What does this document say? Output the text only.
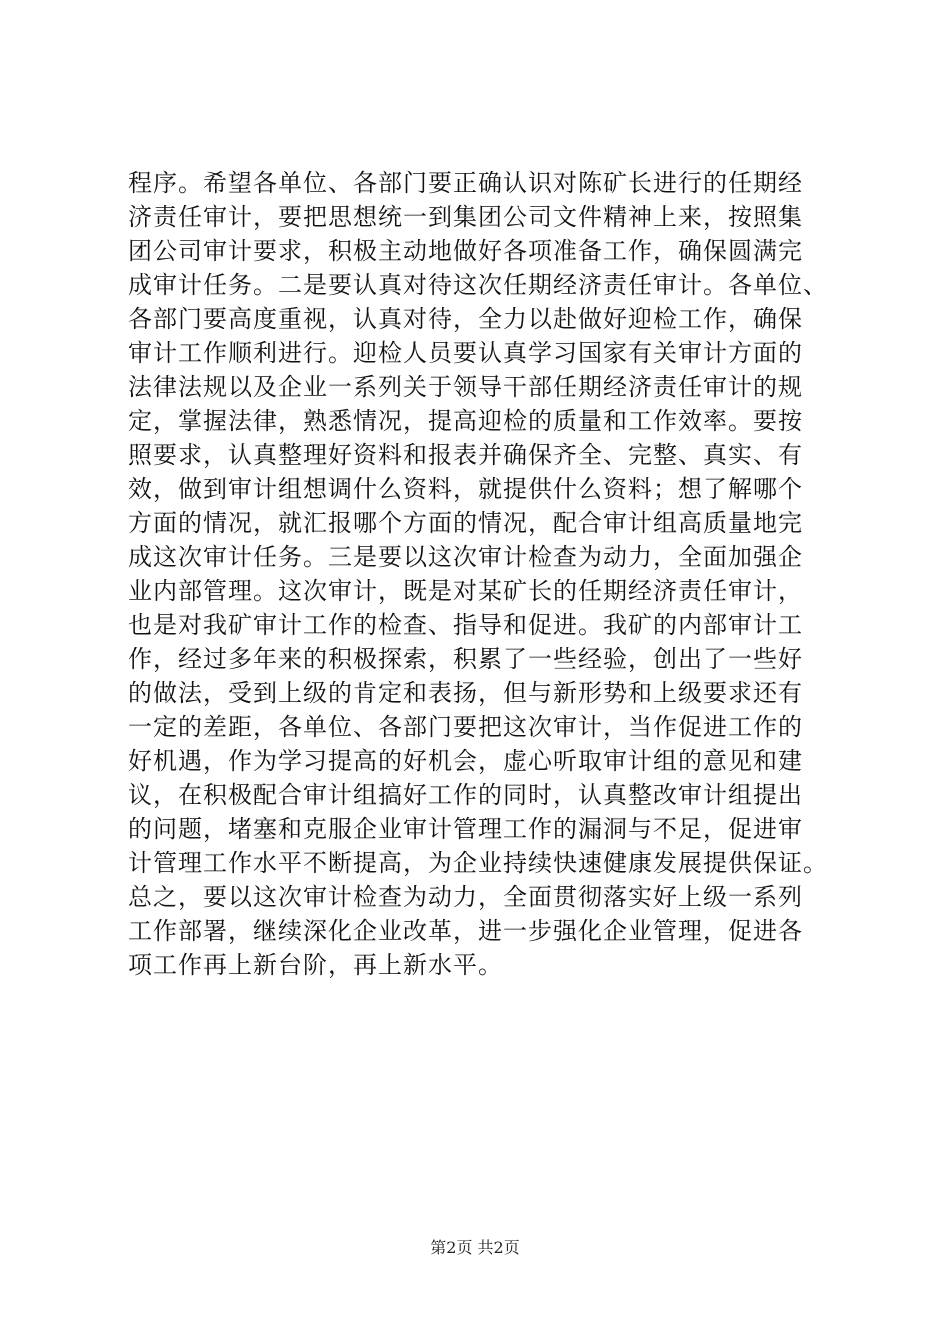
程序。希望各单位、各部门要正确认识对陈矿长进行的任期经
济责任审计，要把思想统一到集团公司文件精神上来，按照集
团公司审计要求，积极主动地做好各项准备工作，确保圆满完
成审计任务。二是要认真对待这次任期经济责任审计。各单位、
各部门要高度重视，认真对待，全力以赴做好迎检工作，确保
审计工作顺利进行。迎检人员要认真学习国家有关审计方面的
法律法规以及企业一系列关于领导干部任期经济责任审计的规
定，掌握法律，熟悉情况，提高迎检的质量和工作效率。要按
照要求，认真整理好资料和报表并确保齐全、完整、真实、有
效，做到审计组想调什么资料，就提供什么资料；想了解哪个
方面的情况，就汇报哪个方面的情况，配合审计组高质量地完
成这次审计任务。三是要以这次审计检查为动力，全面加强企
业内部管理。这次审计，既是对某矿长的任期经济责任审计，
也是对我矿审计工作的检查、指导和促进。我矿的内部审计工
作，经过多年来的积极探索，积累了一些经验，创出了一些好
的做法，受到上级的肯定和表扬，但与新形势和上级要求还有
一定的差距，各单位、各部门要把这次审计，当作促进工作的
好机遇，作为学习提高的好机会，虚心听取审计组的意见和建
议，在积极配合审计组搞好工作的同时，认真整改审计组提出
的问题，堵塞和克服企业审计管理工作的漏洞与不足，促进审
计管理工作水平不断提高，为企业持续快速健康发展提供保证。
总之，要以这次审计检查为动力，全面贯彻落实好上级一系列
工作部署，继续深化企业改革，进一步强化企业管理，促进各
项工作再上新台阶，再上新水平。
第2页 共2页
